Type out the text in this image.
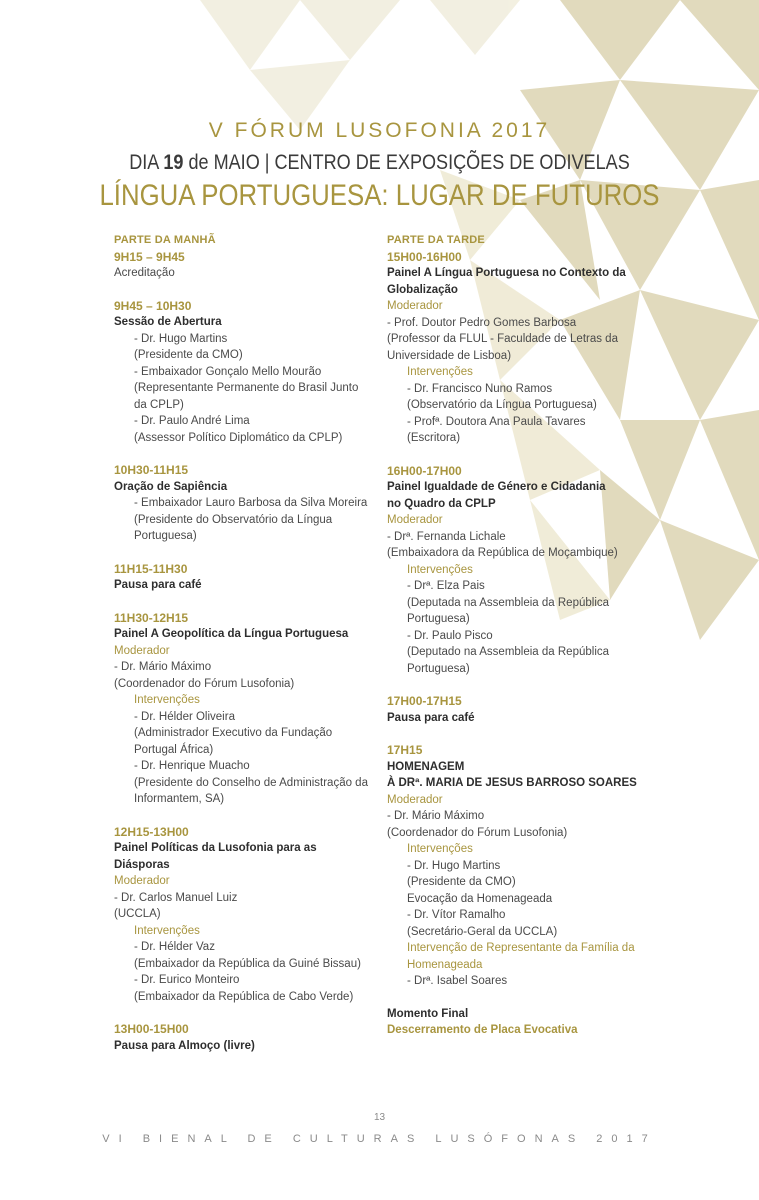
V FÓRUM LUSOFONIA 2017
DIA 19 de MAIO | CENTRO DE EXPOSIÇÕES DE ODIVELAS
LÍNGUA PORTUGUESA: LUGAR DE FUTUROS
PARTE DA MANHÃ
9H15 – 9H45
Acreditação
9H45 – 10H30
Sessão de Abertura
- Dr. Hugo Martins
(Presidente da CMO)
- Embaixador Gonçalo Mello Mourão
(Representante Permanente do Brasil Junto
da CPLP)
- Dr. Paulo André Lima
(Assessor Político Diplomático da CPLP)
10H30-11H15
Oração de Sapiência
- Embaixador Lauro Barbosa da Silva Moreira
(Presidente do Observatório da Língua
Portuguesa)
11H15-11H30
Pausa para café
11H30-12H15
Painel A Geopolítica da Língua Portuguesa
Moderador
- Dr. Mário Máximo
(Coordenador do Fórum Lusofonia)
Intervenções
- Dr. Hélder Oliveira
(Administrador Executivo da Fundação
Portugal África)
- Dr. Henrique Muacho
(Presidente do Conselho de Administração da
Informantem, SA)
12H15-13H00
Painel Políticas da Lusofonia para as
Diásporas
Moderador
- Dr. Carlos Manuel Luiz
(UCCLA)
Intervenções
- Dr. Hélder Vaz
(Embaixador da República da Guiné Bissau)
- Dr. Eurico Monteiro
(Embaixador da República de Cabo Verde)
13H00-15H00
Pausa para Almoço (livre)
PARTE DA TARDE
15H00-16H00
Painel A Língua Portuguesa no Contexto da
Globalização
Moderador
- Prof. Doutor Pedro Gomes Barbosa
(Professor da FLUL - Faculdade de Letras da
Universidade de Lisboa)
Intervenções
- Dr. Francisco Nuno Ramos
(Observatório da Língua Portuguesa)
- Profª. Doutora Ana Paula Tavares
(Escritora)
16H00-17H00
Painel Igualdade de Género e Cidadania
no Quadro da CPLP
Moderador
- Drª. Fernanda Lichale
(Embaixadora da República de Moçambique)
Intervenções
- Drª. Elza Pais
(Deputada na Assembleia da República
Portuguesa)
- Dr. Paulo Pisco
(Deputado na Assembleia da República
Portuguesa)
17H00-17H15
Pausa para café
17H15
HOMENAGEM
À DRª. MARIA DE JESUS BARROSO SOARES
Moderador
- Dr. Mário Máximo
(Coordenador do Fórum Lusofonia)
Intervenções
- Dr. Hugo Martins
(Presidente da CMO)
Evocação da Homenageada
- Dr. Vítor Ramalho
(Secretário-Geral da UCCLA)
Intervenção de Representante da Família da
Homenageada
- Drª. Isabel Soares
Momento Final
Descerramento de Placa Evocativa
13
VI BIENAL DE CULTURAS LUSÓFONAS 2017
